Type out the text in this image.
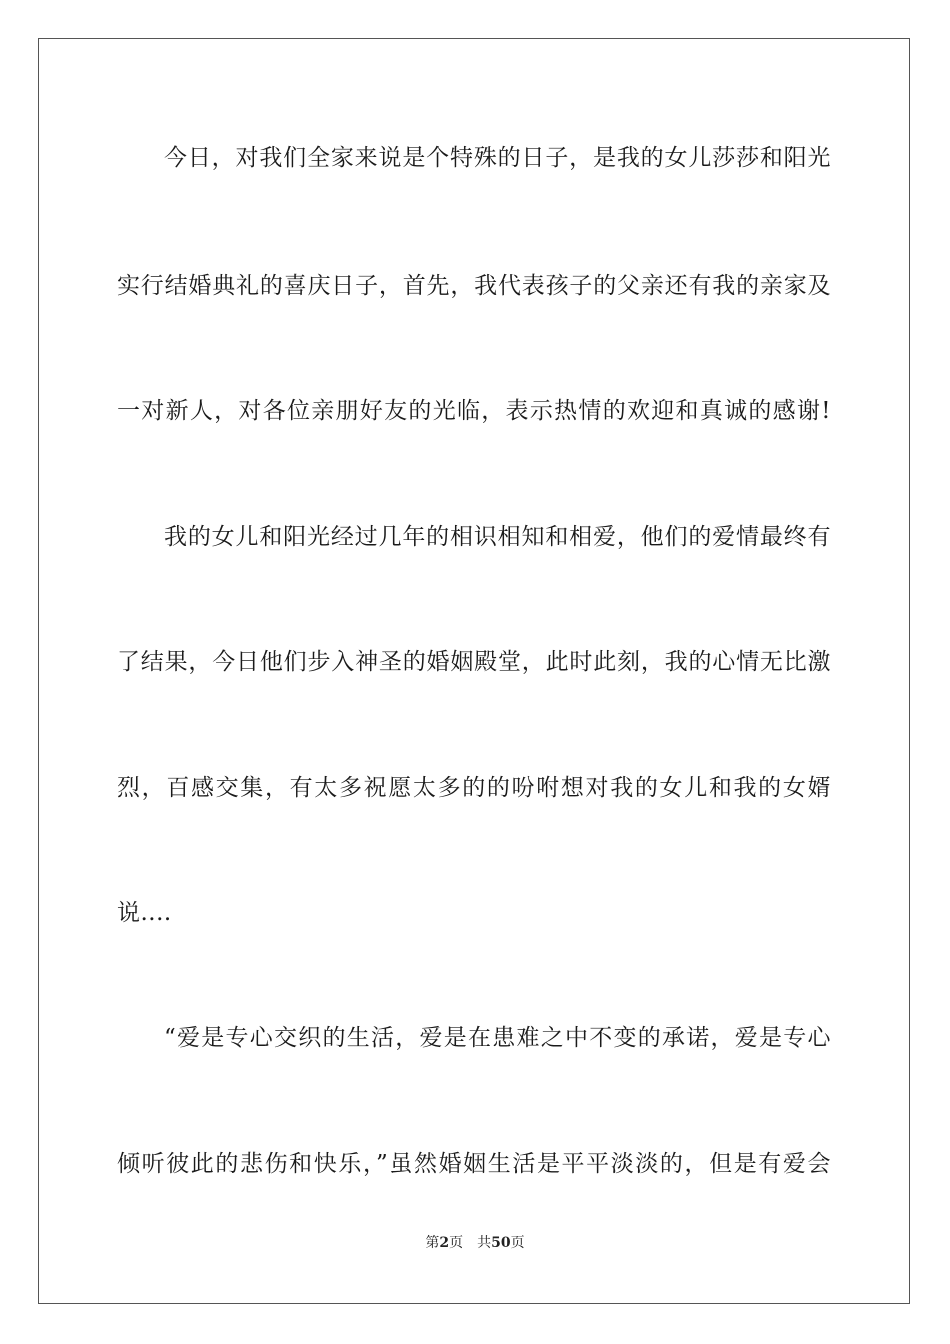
今日，对我们全家来说是个特殊的日子，是我的女儿莎莎和阳光
实行结婚典礼的喜庆日子，首先，我代表孩子的父亲还有我的亲家及
一对新人，对各位亲朋好友的光临，表示热情的欢迎和真诚的感谢!
我的女儿和阳光经过几年的相识相知和相爱，他们的爱情最终有
了结果，今日他们步入神圣的婚姻殿堂，此时此刻，我的心情无比激
烈，百感交集，有太多祝愿太多的的吩咐想对我的女儿和我的女婿
说....
“爱是专心交织的生活，爱是在患难之中不变的承诺，爱是专心
倾听彼此的悲伤和快乐，”虽然婚姻生活是平平淡淡的，但是有爱会
第2页 共50页
